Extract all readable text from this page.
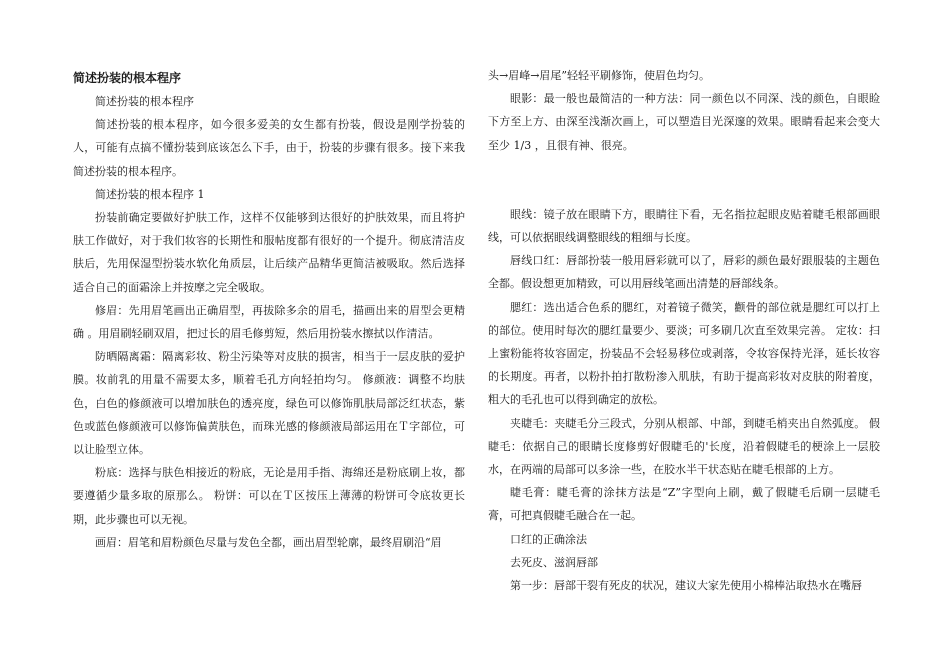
简述扮装的根本程序

简述扮装的根本程序

简述扮装的根本程序，如今很多爱美的女生都有扮装，假设是刚学扮装的人，可能有点搞不懂扮装到底该怎么下手，由于，扮装的步骤有很多。接下来我简述扮装的根本程序。

简述扮装的根本程序 1

扮装前确定要做好护肤工作，这样不仅能够到达很好的护肤效果，而且将护肤工作做好，对于我们妆容的长期性和服帖度都有很好的一个提升。彻底清洁皮肤后，先用保湿型扮装水软化角质层，让后续产品精华更简洁被吸取。然后选择适合自己的面霜涂上并按摩之完全吸取。

修眉：先用眉笔画出正确眉型，再拔除多余的眉毛，描画出来的眉型会更精确 。用眉刷轻刷双眉，把过长的眉毛修剪短，然后用扮装水擦拭以作清洁。

防晒隔离霜：隔离彩妆、粉尘污染等对皮肤的损害，相当于一层皮肤的爱护膜。妆前乳的用量不需要太多，顺着毛孔方向轻拍均匀。 修颜液：调整不均肤色，白色的修颜液可以增加肤色的透亮度，绿色可以修饰肌肤局部泛红状态，紫色或蓝色修颜液可以修饰偏黄肤色，而珠光感的修颜液局部运用在Ｔ字部位，可以让脸型立体。

粉底：选择与肤色相接近的粉底，无论是用手指、海绵还是粉底刷上妆，都要遵循少量多取的原那么。 粉饼：可以在Ｔ区按压上薄薄的粉饼可令底妆更长期，此步骤也可以无视。

画眉：眉笔和眉粉颜色尽量与发色全都，画出眉型轮廓，最终眉刷沿“眉

头→眉峰→眉尾”轻轻平刷修饰，使眉色均匀。

眼影：最一般也最简洁的一种方法：同一颜色以不同深、浅的颜色，自眼睑下方至上方、由深至浅渐次画上，可以塑造目光深邃的效果。眼睛看起来会变大至少 1/3 ，且很有神、很亮。

眼线：镜子放在眼睛下方，眼睛往下看，无名指拉起眼皮贴着睫毛根部画眼线，可以依据眼线调整眼线的粗细与长度。

唇线口红：唇部扮装一般用唇彩就可以了，唇彩的颜色最好跟服装的主题色全都。假设想更加精致，可以用唇线笔画出清楚的唇部线条。

腮红：选出适合色系的腮红，对着镜子微笑，颧骨的部位就是腮红可以打上的部位。使用时每次的腮红量要少、要淡；可多刷几次直至效果完善。 定妆：扫上蜜粉能将妆容固定，扮装品不会轻易移位或剥落，令妆容保持光泽，延长妆容的长期度。再者，以粉扑拍打散粉渗入肌肤，有助于提高彩妆对皮肤的附着度，粗大的毛孔也可以得到确定的放松。

夹睫毛：夹睫毛分三段式，分别从根部、中部，到睫毛梢夹出自然弧度。 假睫毛：依据自己的眼睛长度修剪好假睫毛的'长度，沿着假睫毛的梗涂上一层胶水，在两端的局部可以多涂一些，在胶水半干状态贴在睫毛根部的上方。

睫毛膏：睫毛膏的涂抹方法是“Z”字型向上刷，戴了假睫毛后刷一层睫毛膏，可把真假睫毛融合在一起。

口红的正确涂法

去死皮、滋润唇部

第一步：唇部干裂有死皮的状况，建议大家先使用小棉棒沾取热水在嘴唇
